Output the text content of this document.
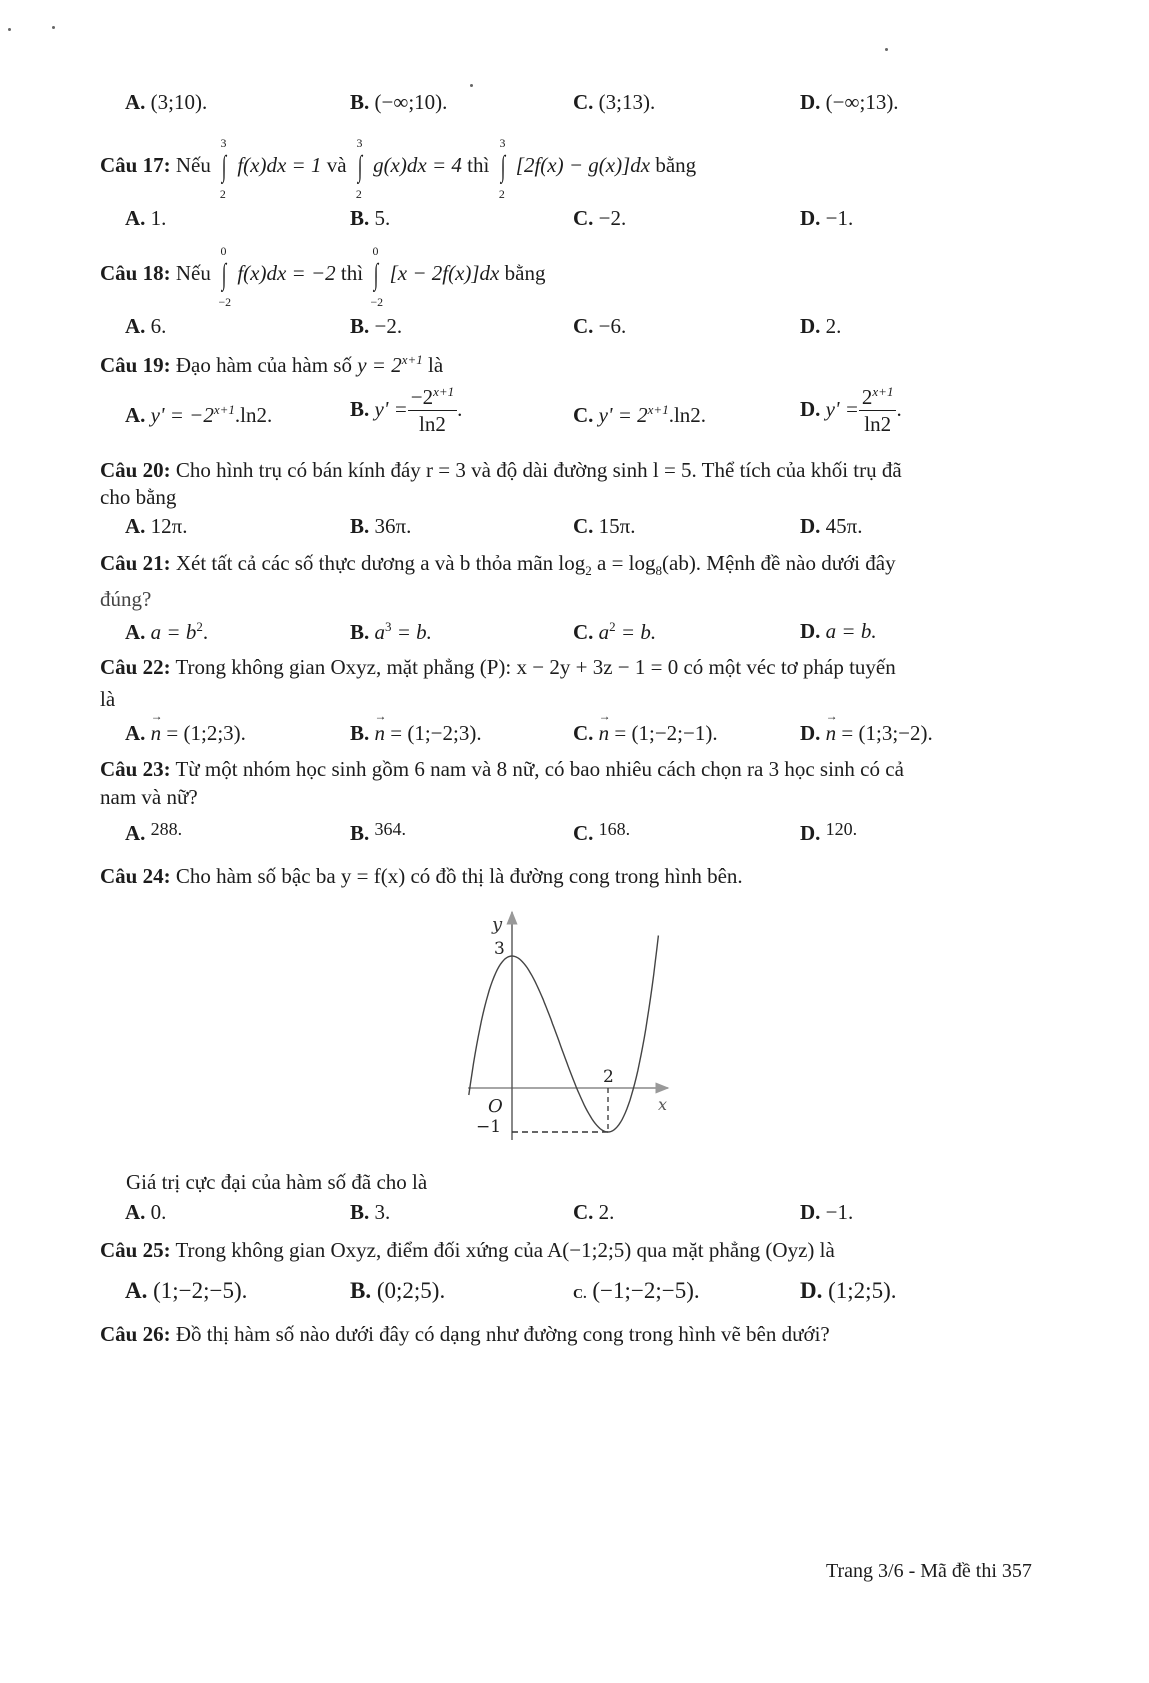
A. (3;10).	B. (−∞;10).	C. (3;13).	D. (−∞;13).
Câu 17: Nếu ∫
3
2
f(x)dx = 1 và ∫
3
2
g(x)dx = 4 thì ∫
3
2
[2f(x) − g(x)]dx bằng
A. 1.	B. 5.	C. −2.	D. −1.
Câu 18: Nếu ∫
0
−2
f(x)dx = −2 thì ∫
0
−2
[x − 2f(x)]dx bằng
A. 6.	B. −2.	C. −6.	D. 2.
Câu 19: Đạo hàm của hàm số $y = 2^{x+1}$ là
A. $y' = -2^{x+1}.\ln 2$.	B. $y' = \frac{-2^{x+1}}{\ln 2}$ .	C. $y' = 2^{x+1}.\ln 2$.	D. $y' = \frac{2^{x+1}}{\ln 2}$ .
Câu 20: Cho hình trụ có bán kính đáy r = 3 và độ dài đường sinh l = 5. Thể tích của khối trụ đã
cho bằng
A. 12π.	B. 36π.	C. 15π.	D. 45π.
Câu 21: Xét tất cả các số thực dương a và b thỏa mãn $\log_2 a = \log_8(ab)$. Mệnh đề nào dưới đây
đúng?
A. $a = b^2$.	B. $a^3 = b$.	C. $a^2 = b$.	D. a = b.
Câu 22: Trong không gian Oxyz, mặt phẳng (P): x − 2y + 3z − 1 = 0 có một véc tơ pháp tuyến
là
A. → n = (1;2;3).	B. → n = (1;−2;3).	C. → n = (1;−2;−1).	D. → n = (1;3;−2).
Câu 23: Từ một nhóm học sinh gồm 6 nam và 8 nữ, có bao nhiêu cách chọn ra 3 học sinh có cả
nam và nữ?
A. 288.	B. 364.	C. 168.	D. 120.
Câu 24: Cho hàm số bậc ba y = f(x) có đồ thị là đường cong trong hình bên.
y
x
3
O
2
−1
Giá trị cực đại của hàm số đã cho là
A. 0.	B. 3.	C. 2.	D. −1.
Câu 25: Trong không gian Oxyz, điểm đối xứng của A(−1;2;5) qua mặt phẳng (Oyz) là
A. (1;−2;−5).	B. (0;2;5).	C. (−1;−2;−5).	D. (1;2;5).
Câu 26: Đồ thị hàm số nào dưới đây có dạng như đường cong trong hình vẽ bên dưới?
Trang 3/6 - Mã đề thi 357
